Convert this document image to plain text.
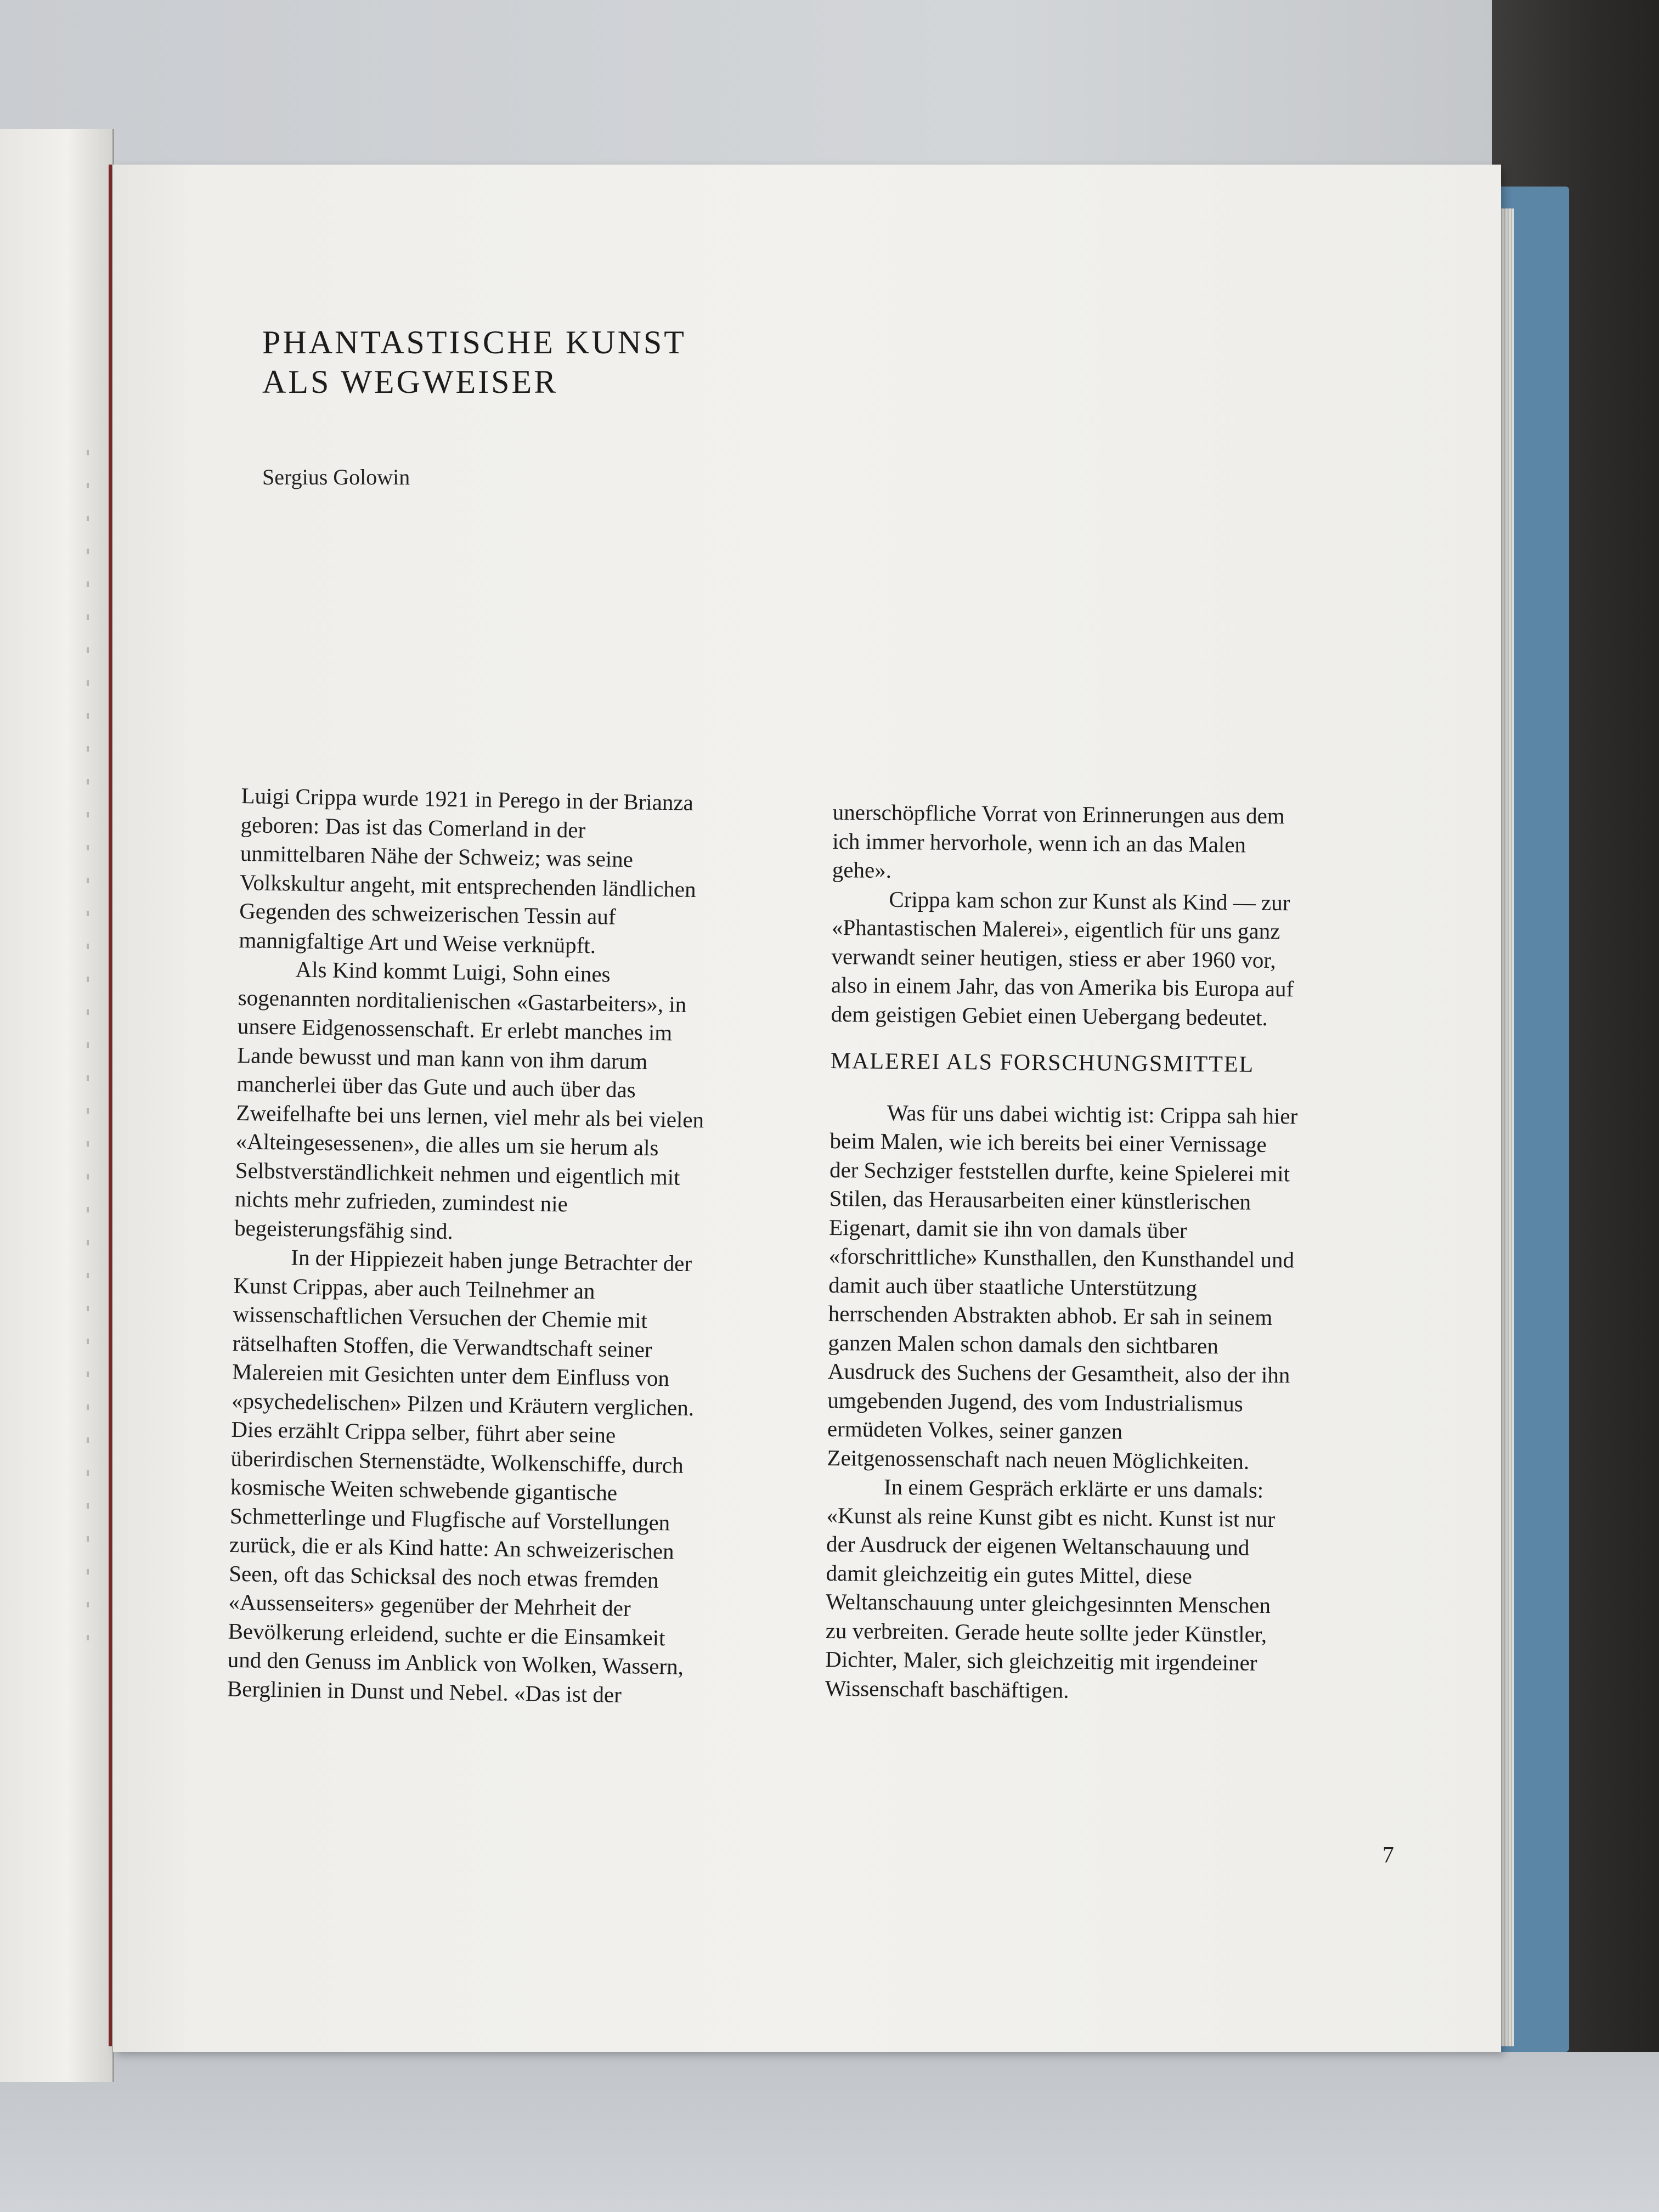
PHANTASTISCHE KUNST
ALS WEGWEISER
Sergius Golowin
Luigi Crippa wurde 1921 in Perego in der Brianza
geboren: Das ist das Comerland in der
unmittelbaren Nähe der Schweiz; was seine
Volkskultur angeht, mit entsprechenden ländlichen
Gegenden des schweizerischen Tessin auf
mannigfaltige Art und Weise verknüpft.
Als Kind kommt Luigi, Sohn eines
sogenannten norditalienischen «Gastarbeiters», in
unsere Eidgenossenschaft. Er erlebt manches im
Lande bewusst und man kann von ihm darum
mancherlei über das Gute und auch über das
Zweifelhafte bei uns lernen, viel mehr als bei vielen
«Alteingesessenen», die alles um sie herum als
Selbstverständlichkeit nehmen und eigentlich mit
nichts mehr zufrieden, zumindest nie
begeisterungsfähig sind.
In der Hippiezeit haben junge Betrachter der
Kunst Crippas, aber auch Teilnehmer an
wissenschaftlichen Versuchen der Chemie mit
rätselhaften Stoffen, die Verwandtschaft seiner
Malereien mit Gesichten unter dem Einfluss von
«psychedelischen» Pilzen und Kräutern verglichen.
Dies erzählt Crippa selber, führt aber seine
überirdischen Sternenstädte, Wolkenschiffe, durch
kosmische Weiten schwebende gigantische
Schmetterlinge und Flugfische auf Vorstellungen
zurück, die er als Kind hatte: An schweizerischen
Seen, oft das Schicksal des noch etwas fremden
«Aussenseiters» gegenüber der Mehrheit der
Bevölkerung erleidend, suchte er die Einsamkeit
und den Genuss im Anblick von Wolken, Wassern,
Berglinien in Dunst und Nebel. «Das ist der
unerschöpfliche Vorrat von Erinnerungen aus dem
ich immer hervorhole, wenn ich an das Malen
gehe».
Crippa kam schon zur Kunst als Kind — zur
«Phantastischen Malerei», eigentlich für uns ganz
verwandt seiner heutigen, stiess er aber 1960 vor,
also in einem Jahr, das von Amerika bis Europa auf
dem geistigen Gebiet einen Uebergang bedeutet.
MALEREI ALS FORSCHUNGSMITTEL
Was für uns dabei wichtig ist: Crippa sah hier
beim Malen, wie ich bereits bei einer Vernissage
der Sechziger feststellen durfte, keine Spielerei mit
Stilen, das Herausarbeiten einer künstlerischen
Eigenart, damit sie ihn von damals über
«forschrittliche» Kunsthallen, den Kunsthandel und
damit auch über staatliche Unterstützung
herrschenden Abstrakten abhob. Er sah in seinem
ganzen Malen schon damals den sichtbaren
Ausdruck des Suchens der Gesamtheit, also der ihn
umgebenden Jugend, des vom Industrialismus
ermüdeten Volkes, seiner ganzen
Zeitgenossenschaft nach neuen Möglichkeiten.
In einem Gespräch erklärte er uns damals:
«Kunst als reine Kunst gibt es nicht. Kunst ist nur
der Ausdruck der eigenen Weltanschauung und
damit gleichzeitig ein gutes Mittel, diese
Weltanschauung unter gleichgesinnten Menschen
zu verbreiten. Gerade heute sollte jeder Künstler,
Dichter, Maler, sich gleichzeitig mit irgendeiner
Wissenschaft baschäftigen.
7
